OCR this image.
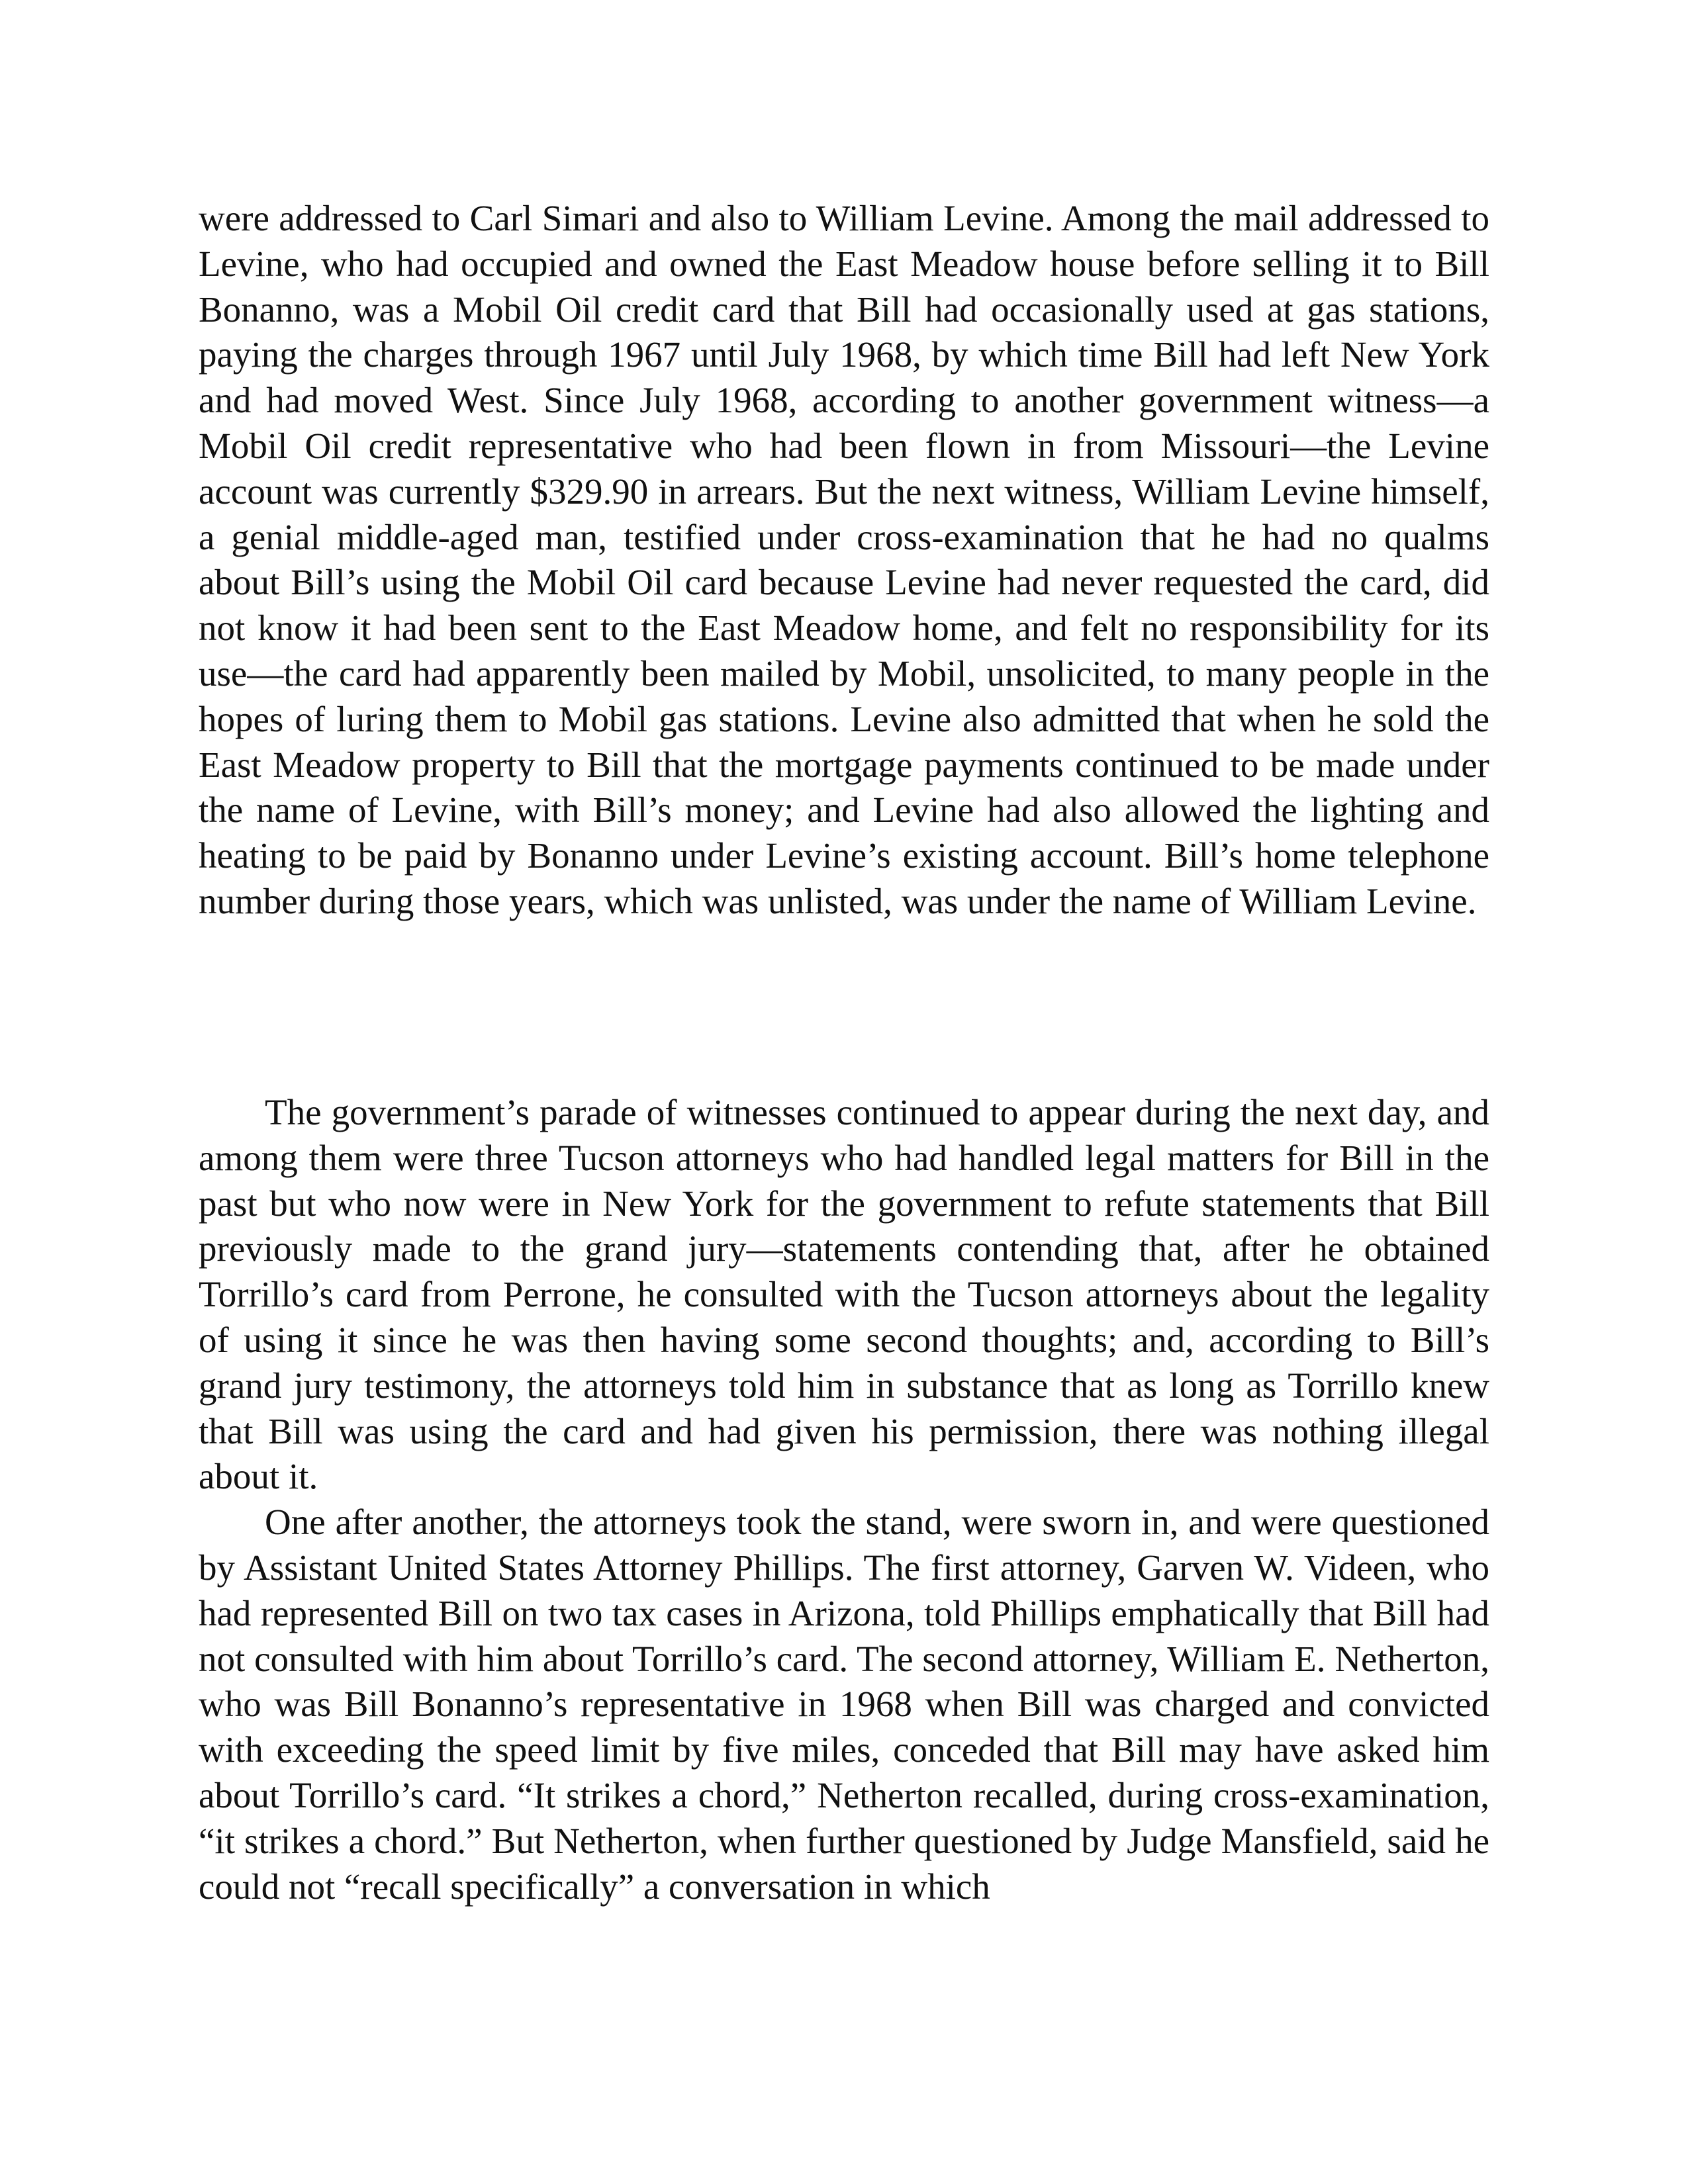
were addressed to Carl Simari and also to William Levine. Among the mail addressed to Levine, who had occupied and owned the East Meadow house before selling it to Bill Bonanno, was a Mobil Oil credit card that Bill had occasionally used at gas stations, paying the charges through 1967 until July 1968, by which time Bill had left New York and had moved West. Since July 1968, according to another government witness—a Mobil Oil credit representative who had been flown in from Missouri—the Levine account was currently $329.90 in arrears. But the next witness, William Levine himself, a genial middle-aged man, testified under cross-examination that he had no qualms about Bill’s using the Mobil Oil card because Levine had never requested the card, did not know it had been sent to the East Meadow home, and felt no responsibility for its use—the card had apparently been mailed by Mobil, unsolicited, to many people in the hopes of luring them to Mobil gas stations. Levine also admitted that when he sold the East Meadow property to Bill that the mortgage payments continued to be made under the name of Levine, with Bill’s money; and Levine had also allowed the lighting and heating to be paid by Bonanno under Levine’s existing account. Bill’s home telephone number during those years, which was unlisted, was under the name of William Levine.

The government’s parade of witnesses continued to appear during the next day, and among them were three Tucson attorneys who had handled legal matters for Bill in the past but who now were in New York for the government to refute statements that Bill previously made to the grand jury—statements contending that, after he obtained Torrillo’s card from Perrone, he consulted with the Tucson attorneys about the legality of using it since he was then having some second thoughts; and, according to Bill’s grand jury testimony, the attorneys told him in substance that as long as Torrillo knew that Bill was using the card and had given his permission, there was nothing illegal about it.

One after another, the attorneys took the stand, were sworn in, and were questioned by Assistant United States Attorney Phillips. The first attorney, Garven W. Videen, who had represented Bill on two tax cases in Arizona, told Phillips emphatically that Bill had not consulted with him about Torrillo’s card. The second attorney, William E. Netherton, who was Bill Bonanno’s representative in 1968 when Bill was charged and convicted with exceeding the speed limit by five miles, conceded that Bill may have asked him about Torrillo’s card. “It strikes a chord,” Netherton recalled, during cross-examination, “it strikes a chord.” But Netherton, when further questioned by Judge Mansfield, said he could not “recall specifically” a conversation in which
